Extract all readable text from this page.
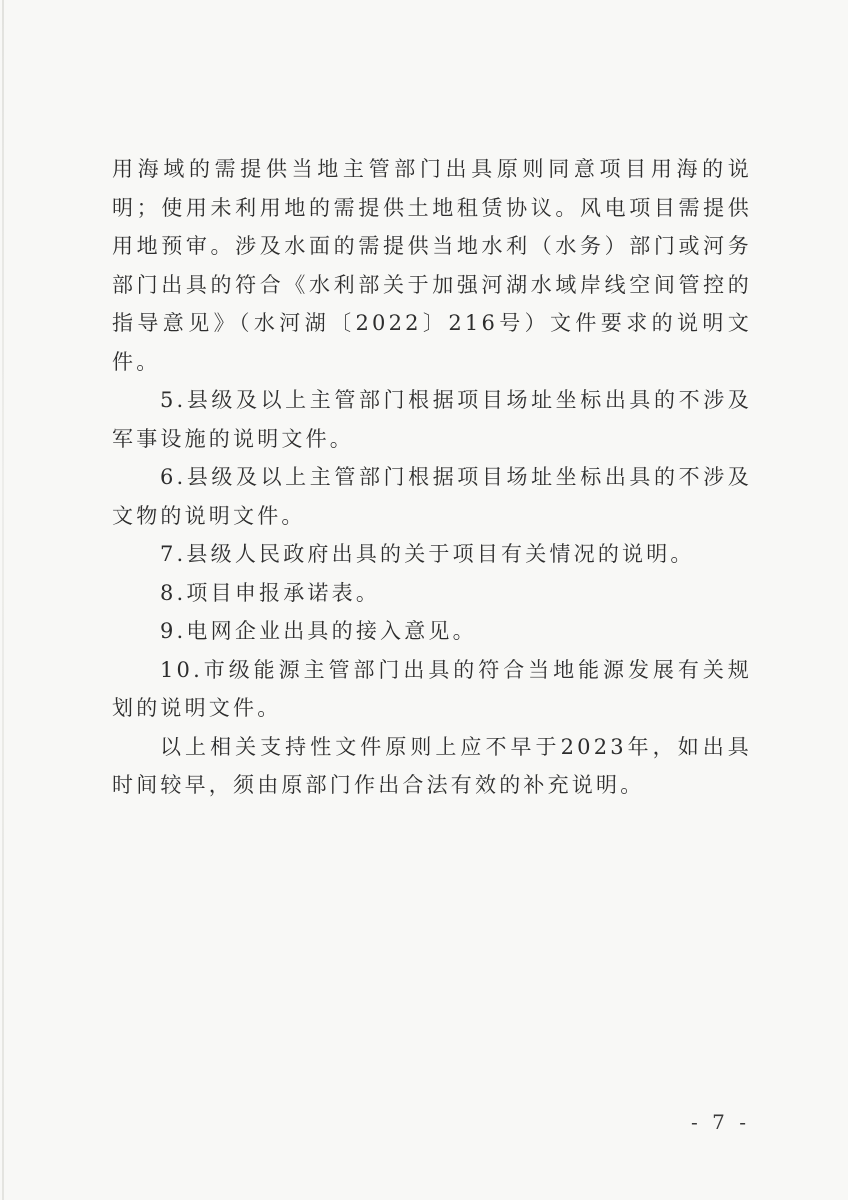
用海域的需提供当地主管部门出具原则同意项目用海的说明；使用未利用地的需提供土地租赁协议。风电项目需提供用地预审。涉及水面的需提供当地水利（水务）部门或河务部门出具的符合《水利部关于加强河湖水域岸线空间管控的指导意见》（水河湖〔2022〕216号）文件要求的说明文件。

5.县级及以上主管部门根据项目场址坐标出具的不涉及军事设施的说明文件。

6.县级及以上主管部门根据项目场址坐标出具的不涉及文物的说明文件。

7.县级人民政府出具的关于项目有关情况的说明。

8.项目申报承诺表。

9.电网企业出具的接入意见。

10.市级能源主管部门出具的符合当地能源发展有关规划的说明文件。

以上相关支持性文件原则上应不早于2023年，如出具时间较早，须由原部门作出合法有效的补充说明。

- 7 -
